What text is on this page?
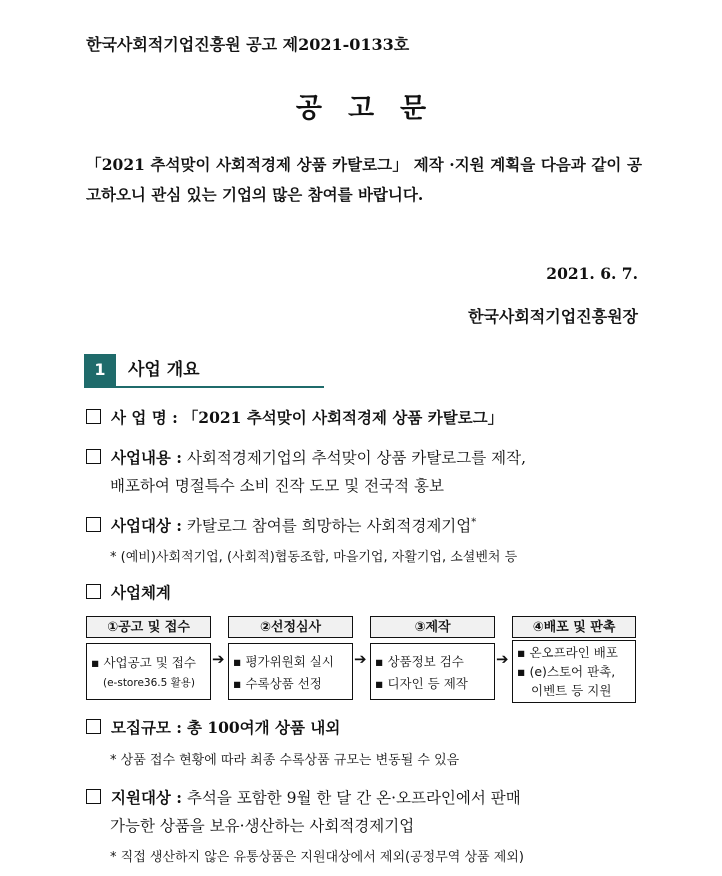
한국사회적기업진흥원 공고 제2021-0133호
공고문
「2021 추석맞이 사회적경제 상품 카탈로그」 제작 ·지원 계획을 다음과 같이 공고하오니 관심 있는 기업의 많은 참여를 바랍니다.
2021. 6. 7.
한국사회적기업진흥원장
1	사업 개요
사 업 명 : 「2021 추석맞이 사회적경제 상품 카탈로그」
사업내용 : 사회적경제기업의 추석맞이 상품 카탈로그를 제작,
배포하여 명절특수 소비 진작 도모 및 전국적 홍보
사업대상 : 카탈로그 참여를 희망하는 사회적경제기업*
* (예비)사회적기업, (사회적)협동조합, 마을기업, 자활기업, 소셜벤처 등
사업체계
①공고 및 접수
▪ 사업공고 및 접수
(e-store36.5 활용)
➔
②선정심사
▪ 평가위원회 실시
▪ 수록상품 선정
➔
③제작
▪ 상품정보 검수
▪ 디자인 등 제작
➔
④배포 및 판촉
▪ 온오프라인 배포
▪ (e)스토어 판촉,
이벤트 등 지원
모집규모 : 총 100여개 상품 내외
* 상품 접수 현황에 따라 최종 수록상품 규모는 변동될 수 있음
지원대상 : 추석을 포함한 9월 한 달 간 온·오프라인에서 판매
가능한 상품을 보유·생산하는 사회적경제기업
* 직접 생산하지 않은 유통상품은 지원대상에서 제외(공정무역 상품 제외)
